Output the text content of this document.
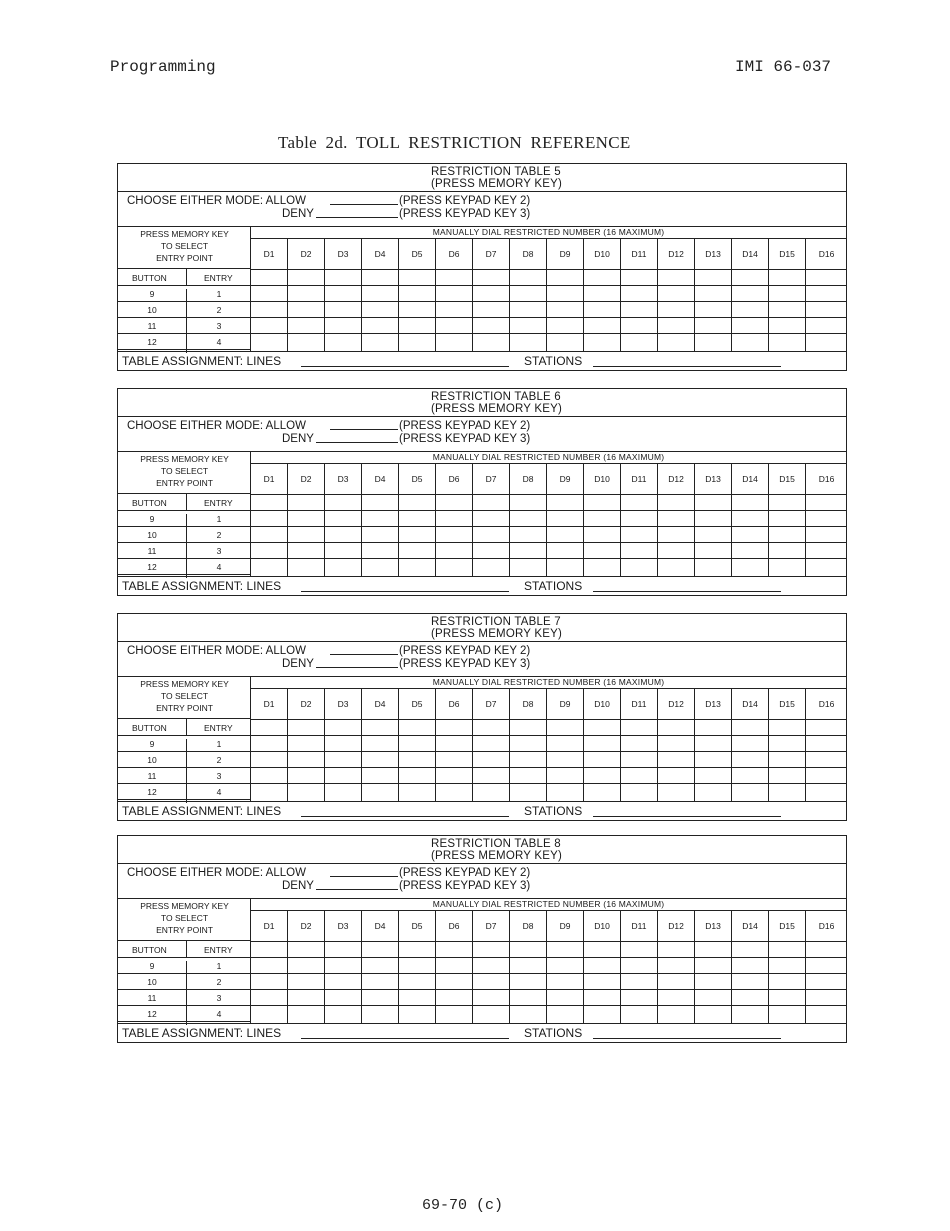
Programming	IMI 66-037
Table 2d. TOLL RESTRICTION REFERENCE
RESTRICTION TABLE 5
(PRESS MEMORY KEY)
CHOOSE EITHER MODE: ALLOW
DENY
(PRESS KEYPAD KEY 2)
(PRESS KEYPAD KEY 3)
PRESS MEMORY KEY
TO SELECT
ENTRY POINT
BUTTON	ENTRY
9	1
10	2
11	3
12	4
MANUALLY DIAL RESTRICTED NUMBER (16 MAXIMUM)
D1	D2	D3	D4	D5	D6	D7	D8	D9	D10	D11	D12	D13	D14	D15	D16
TABLE ASSIGNMENT: LINES	STATIONS
RESTRICTION TABLE 6
(PRESS MEMORY KEY)
CHOOSE EITHER MODE: ALLOW
DENY
(PRESS KEYPAD KEY 2)
(PRESS KEYPAD KEY 3)
PRESS MEMORY KEY
TO SELECT
ENTRY POINT
BUTTON	ENTRY
9	1
10	2
11	3
12	4
MANUALLY DIAL RESTRICTED NUMBER (16 MAXIMUM)
D1	D2	D3	D4	D5	D6	D7	D8	D9	D10	D11	D12	D13	D14	D15	D16
TABLE ASSIGNMENT: LINES	STATIONS
RESTRICTION TABLE 7
(PRESS MEMORY KEY)
CHOOSE EITHER MODE: ALLOW
DENY
(PRESS KEYPAD KEY 2)
(PRESS KEYPAD KEY 3)
PRESS MEMORY KEY
TO SELECT
ENTRY POINT
BUTTON	ENTRY
9	1
10	2
11	3
12	4
MANUALLY DIAL RESTRICTED NUMBER (16 MAXIMUM)
D1	D2	D3	D4	D5	D6	D7	D8	D9	D10	D11	D12	D13	D14	D15	D16
TABLE ASSIGNMENT: LINES	STATIONS
RESTRICTION TABLE 8
(PRESS MEMORY KEY)
CHOOSE EITHER MODE: ALLOW
DENY
(PRESS KEYPAD KEY 2)
(PRESS KEYPAD KEY 3)
PRESS MEMORY KEY
TO SELECT
ENTRY POINT
BUTTON	ENTRY
9	1
10	2
11	3
12	4
MANUALLY DIAL RESTRICTED NUMBER (16 MAXIMUM)
D1	D2	D3	D4	D5	D6	D7	D8	D9	D10	D11	D12	D13	D14	D15	D16
TABLE ASSIGNMENT: LINES	STATIONS
69-70 (c)
